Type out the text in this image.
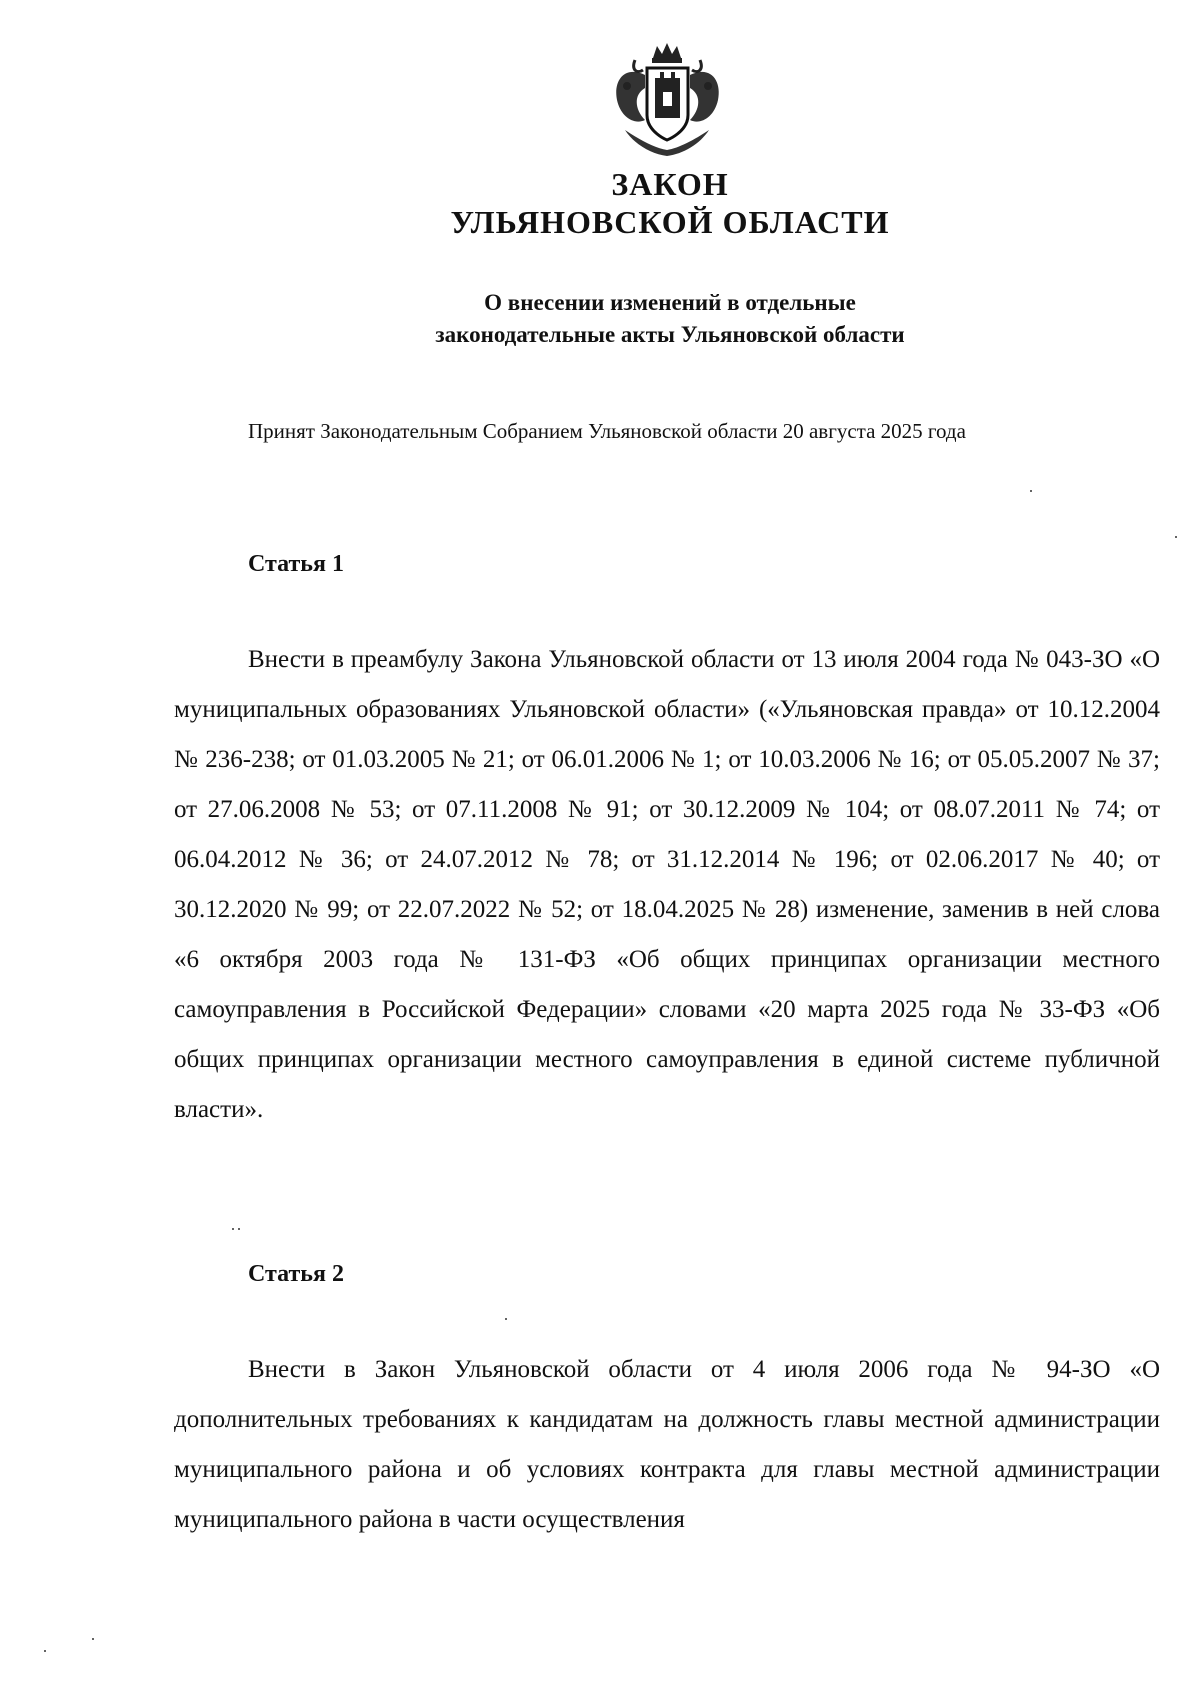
ЗАКОН
УЛЬЯНОВСКОЙ ОБЛАСТИ
О внесении изменений в отдельные
законодательные акты Ульяновской области
Принят Законодательным Собранием Ульяновской области 20 августа 2025 года
Статья 1

Внести в преамбулу Закона Ульяновской области от 13 июля 2004 года № 043-ЗО «О муниципальных образованиях Ульяновской области» («Ульяновская правда» от 10.12.2004 № 236-238; от 01.03.2005 № 21; от 06.01.2006 № 1; от 10.03.2006 № 16; от 05.05.2007 № 37; от 27.06.2008 № 53; от 07.11.2008 № 91; от 30.12.2009 № 104; от 08.07.2011 № 74; от 06.04.2012 № 36; от 24.07.2012 № 78; от 31.12.2014 № 196; от 02.06.2017 № 40; от 30.12.2020 № 99; от 22.07.2022 № 52; от 18.04.2025 № 28) изменение, заменив в ней слова «6 октября 2003 года № 131-ФЗ «Об общих принципах организации местного самоуправления в Российской Федерации» словами «20 марта 2025 года № 33-ФЗ «Об общих принципах организации местного самоуправления в единой системе публичной власти».

Статья 2

Внести в Закон Ульяновской области от 4 июля 2006 года № 94-ЗО «О дополнительных требованиях к кандидатам на должность главы местной администрации муниципального района и об условиях контракта для главы местной администрации муниципального района в части осуществления
